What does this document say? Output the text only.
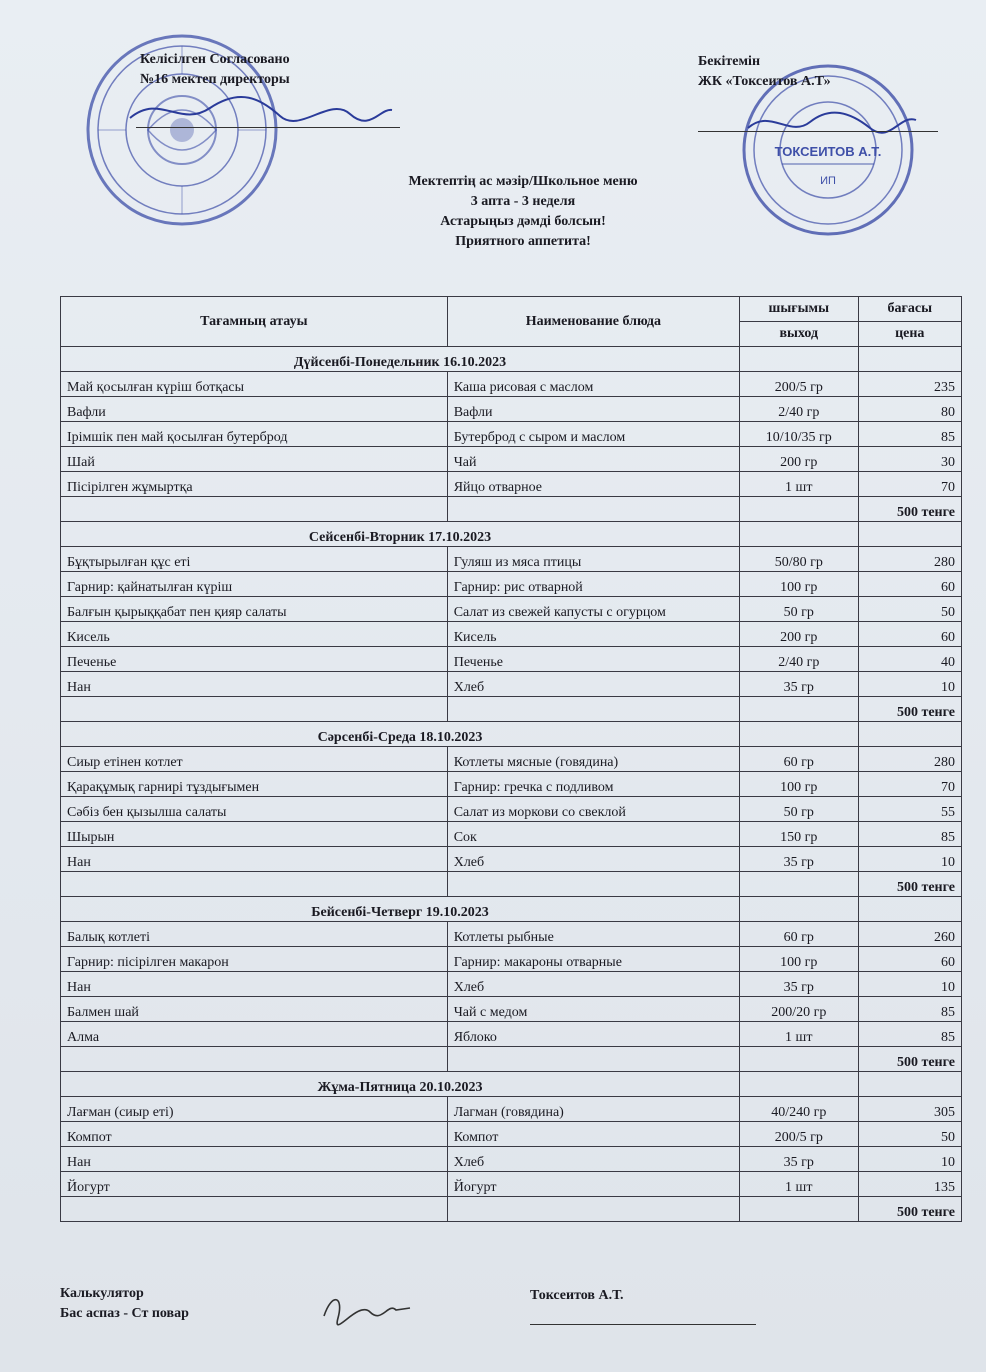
ТОКСЕИТОВ А.Т.
ИП
Келісілген Согласовано
№16 мектеп директоры
Бекітемін
ЖК «Токсеитов А.Т»
Мектептің ас мәзір/Школьное меню
3 апта - 3 неделя
Астарыңыз дәмді болсын!
Приятного аппетита!
Тағамның атауы	Наименование блюда	шығымы	бағасы
		выход	цена
Дүйсенбі-Понедельник 16.10.2023			
Май қосылған күріш ботқасы	Каша рисовая с маслом	200/5 гр	235
Вафли	Вафли	2/40 гр	80
Ірімшік пен май қосылған бутерброд	Бутерброд с сыром и маслом	10/10/35 гр	85
Шай	Чай	200 гр	30
Пісірілген жұмыртқа	Яйцо отварное	1 шт	70
			500 тенге
Сейсенбі-Вторник 17.10.2023			
Бұқтырылған құс еті	Гуляш из мяса птицы	50/80 гр	280
Гарнир: қайнатылған күріш	Гарнир: рис отварной	100 гр	60
Балғын қырыққабат пен қияр салаты	Салат из свежей капусты с огурцом	50 гр	50
Кисель	Кисель	200 гр	60
Печенье	Печенье	2/40 гр	40
Нан	Хлеб	35 гр	10
			500 тенге
Сәрсенбі-Среда 18.10.2023			
Сиыр етінен котлет	Котлеты мясные (говядина)	60 гр	280
Қарақұмық гарнирі тұздығымен	Гарнир: гречка с подливом	100 гр	70
Сәбіз бен қызылша салаты	Салат из моркови со свеклой	50 гр	55
Шырын	Сок	150 гр	85
Нан	Хлеб	35 гр	10
			500 тенге
Бейсенбі-Четверг 19.10.2023			
Балық котлеті	Котлеты рыбные	60 гр	260
Гарнир: пісірілген макарон	Гарнир: макароны отварные	100 гр	60
Нан	Хлеб	35 гр	10
Балмен шай	Чай с медом	200/20 гр	85
Алма	Яблоко	1 шт	85
			500 тенге
Жұма-Пятница 20.10.2023			
Лағман (сиыр еті)	Лагман (говядина)	40/240 гр	305
Компот	Компот	200/5 гр	50
Нан	Хлеб	35 гр	10
Йогурт	Йогурт	1 шт	135
			500 тенге
Калькулятор
Бас аспаз - Ст повар
Токсеитов А.Т.
